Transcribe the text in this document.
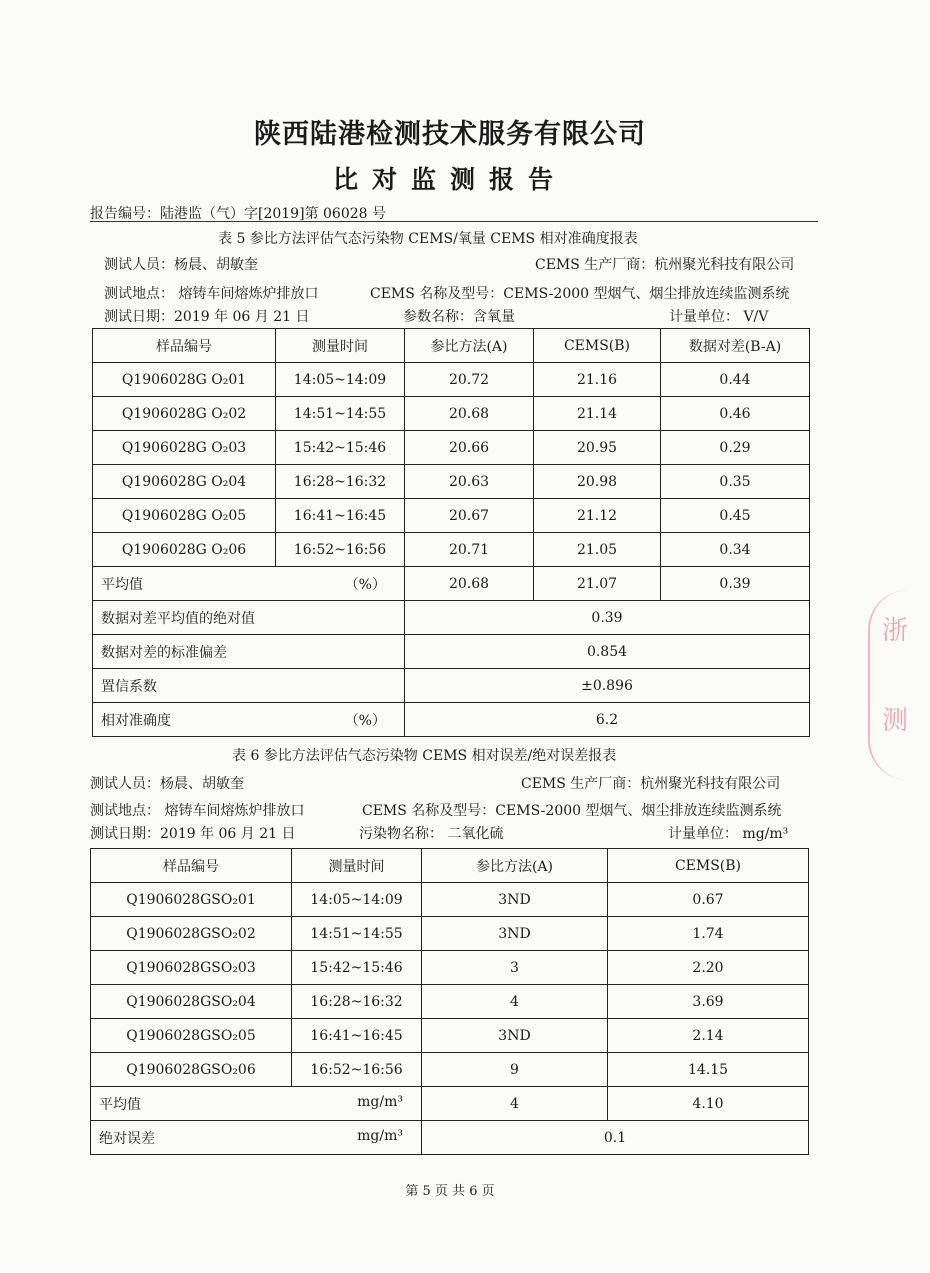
陕西陆港检测技术服务有限公司
比对监测报告
报告编号：陆港监（气）字[2019]第 06028 号
表 5 参比方法评估气态污染物 CEMS/氧量 CEMS 相对准确度报表
测试人员：杨晨、胡敏奎	CEMS 生产厂商：杭州聚光科技有限公司
测试地点： 熔铸车间熔炼炉排放口	CEMS 名称及型号：CEMS-2000 型烟气、烟尘排放连续监测系统
测试日期：2019 年 06 月 21 日	参数名称：含氧量	计量单位： V/V
样品编号	测量时间	参比方法(A)	CEMS(B)	数据对差(B-A)
Q1906028G O₂01	14:05~14:09	20.72	21.16	0.44
Q1906028G O₂02	14:51~14:55	20.68	21.14	0.46
Q1906028G O₂03	15:42~15:46	20.66	20.95	0.29
Q1906028G O₂04	16:28~16:32	20.63	20.98	0.35
Q1906028G O₂05	16:41~16:45	20.67	21.12	0.45
Q1906028G O₂06	16:52~16:56	20.71	21.05	0.34

平均值 （%）		20.68	21.07	0.39
数据对差平均值的绝对值		0.39		
数据对差的标准偏差		0.854		
置信系数		±0.896		

相对准确度 （%）		6.2		
表 6 参比方法评估气态污染物 CEMS 相对误差/绝对误差报表
测试人员：杨晨、胡敏奎	CEMS 生产厂商：杭州聚光科技有限公司
测试地点： 熔铸车间熔炼炉排放口	CEMS 名称及型号：CEMS-2000 型烟气、烟尘排放连续监测系统
测试日期：2019 年 06 月 21 日	污染物名称： 二氧化硫	计量单位： mg/m³
样品编号	测量时间	参比方法(A)	CEMS(B)
Q1906028GSO₂01	14:05~14:09	3ND	0.67
Q1906028GSO₂02	14:51~14:55	3ND	1.74
Q1906028GSO₂03	15:42~15:46	3	2.20
Q1906028GSO₂04	16:28~16:32	4	3.69
Q1906028GSO₂05	16:41~16:45	3ND	2.14
Q1906028GSO₂06	16:52~16:56	9	14.15

平均值 mg/m³		4	4.10

绝对误差 mg/m³		0.1	
第 5 页 共 6 页
浙
测
